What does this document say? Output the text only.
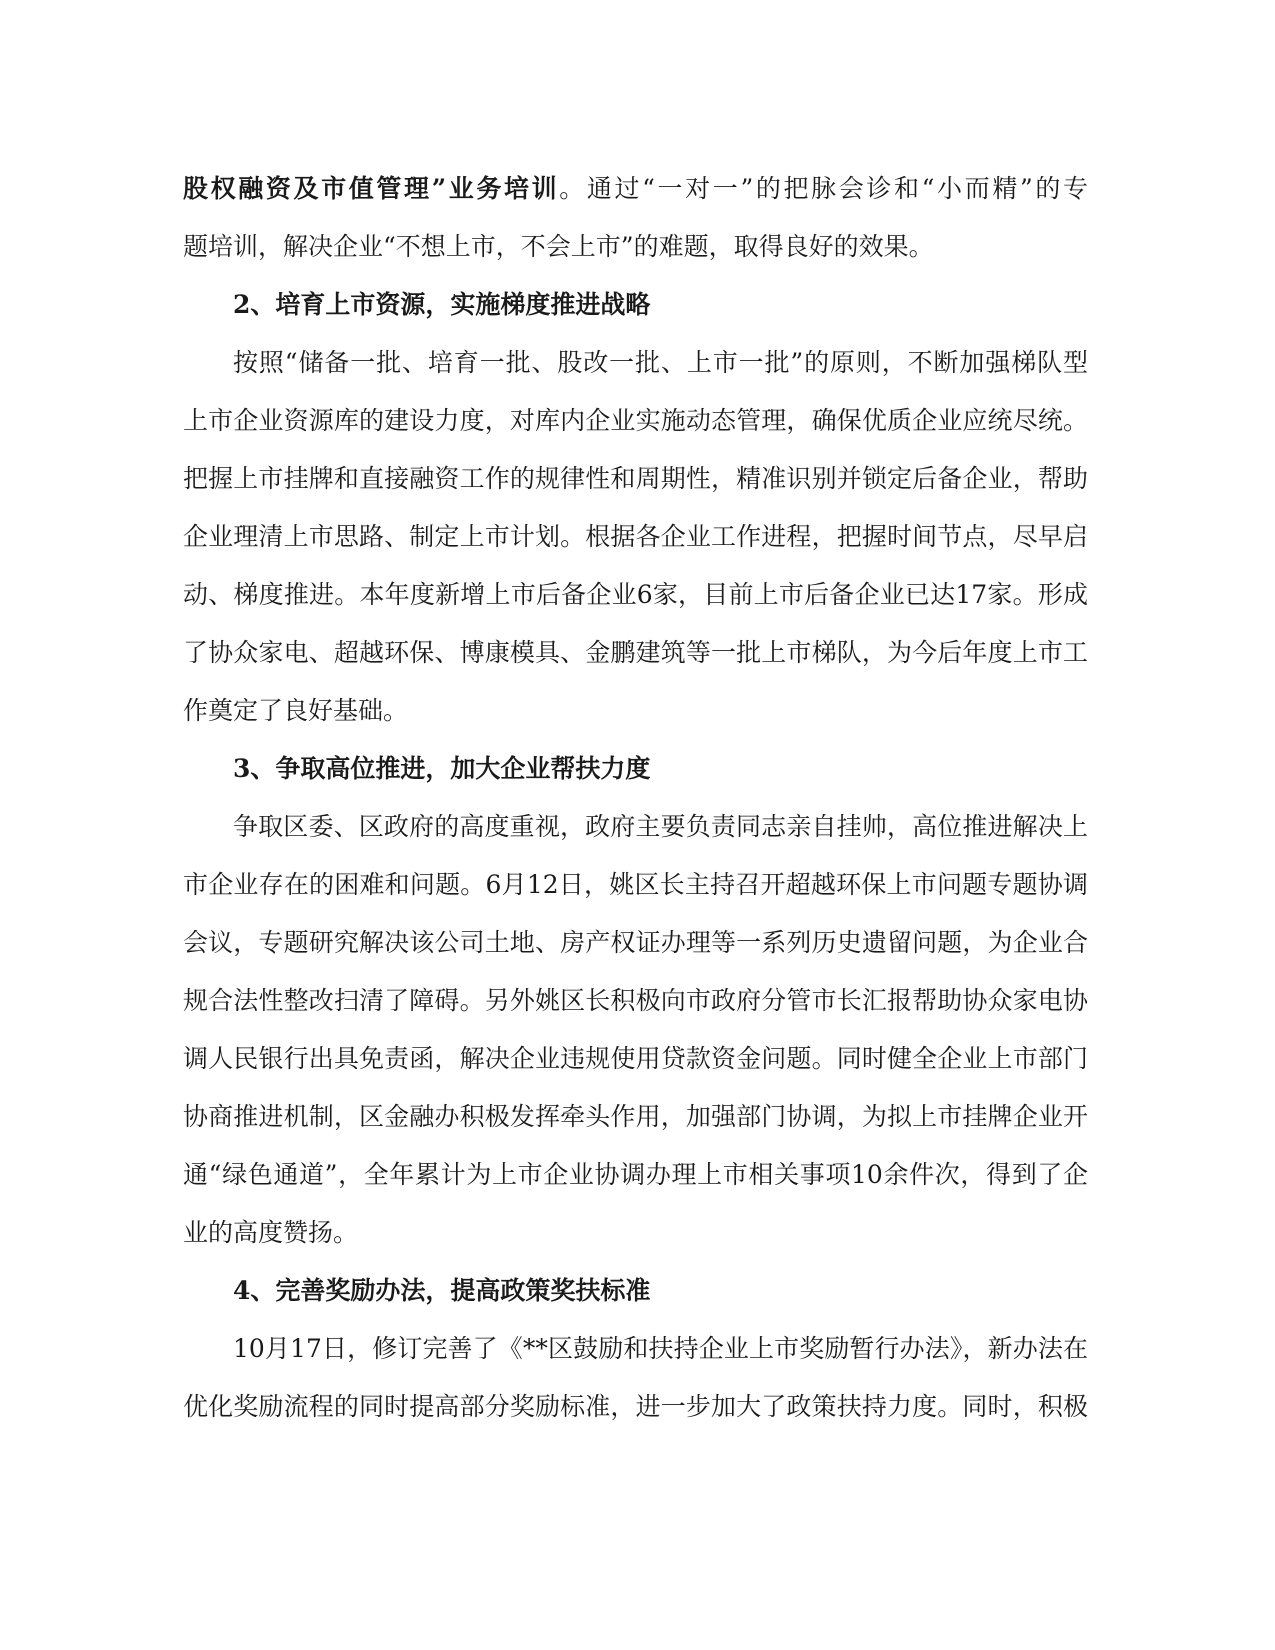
股权融资及市值管理”业务培训。通过“一对一”的把脉会诊和“小而精”的专
题培训，解决企业“不想上市，不会上市”的难题，取得良好的效果。
2、培育上市资源，实施梯度推进战略
按照“储备一批、培育一批、股改一批、上市一批”的原则，不断加强梯队型
上市企业资源库的建设力度，对库内企业实施动态管理，确保优质企业应统尽统。
把握上市挂牌和直接融资工作的规律性和周期性，精准识别并锁定后备企业，帮助
企业理清上市思路、制定上市计划。根据各企业工作进程，把握时间节点，尽早启
动、梯度推进。本年度新增上市后备企业6家，目前上市后备企业已达17家。形成
了协众家电、超越环保、博康模具、金鹏建筑等一批上市梯队，为今后年度上市工
作奠定了良好基础。
3、争取高位推进，加大企业帮扶力度
争取区委、区政府的高度重视，政府主要负责同志亲自挂帅，高位推进解决上
市企业存在的困难和问题。6月12日，姚区长主持召开超越环保上市问题专题协调
会议，专题研究解决该公司土地、房产权证办理等一系列历史遗留问题，为企业合
规合法性整改扫清了障碍。另外姚区长积极向市政府分管市长汇报帮助协众家电协
调人民银行出具免责函，解决企业违规使用贷款资金问题。同时健全企业上市部门
协商推进机制，区金融办积极发挥牵头作用，加强部门协调，为拟上市挂牌企业开
通“绿色通道”，全年累计为上市企业协调办理上市相关事项10余件次，得到了企
业的高度赞扬。
4、完善奖励办法，提高政策奖扶标准
10月17日，修订完善了《**区鼓励和扶持企业上市奖励暂行办法》，新办法在
优化奖励流程的同时提高部分奖励标准，进一步加大了政策扶持力度。同时，积极
